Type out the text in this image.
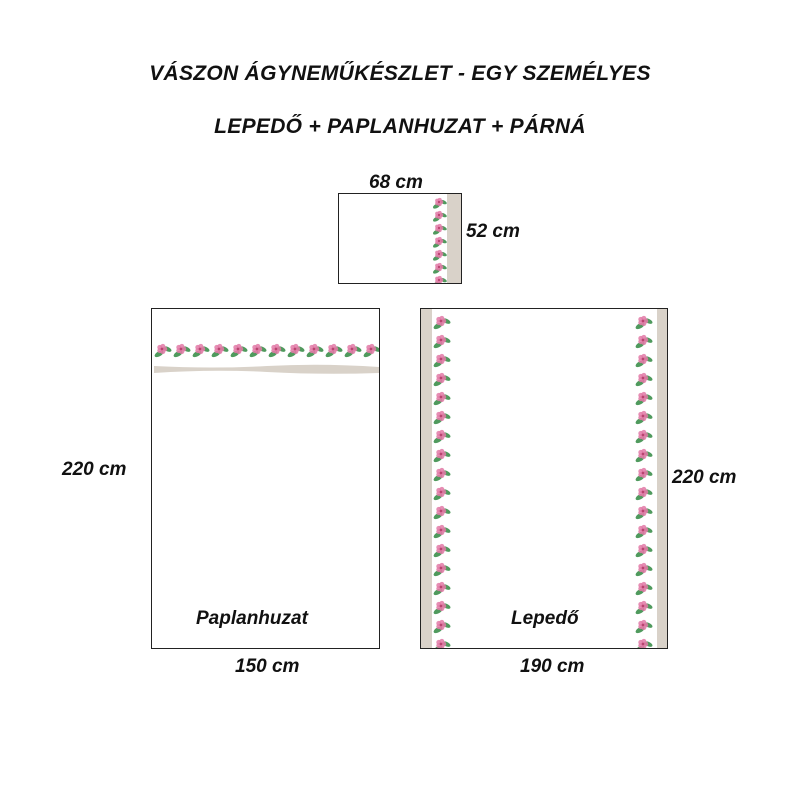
VÁSZON ÁGYNEMŰKÉSZLET - EGY SZEMÉLYES
LEPEDŐ + PAPLANHUZAT + PÁRNÁ
68 cm
52 cm
220 cm
Paplanhuzat
150 cm
Lepedő
220 cm
190 cm
